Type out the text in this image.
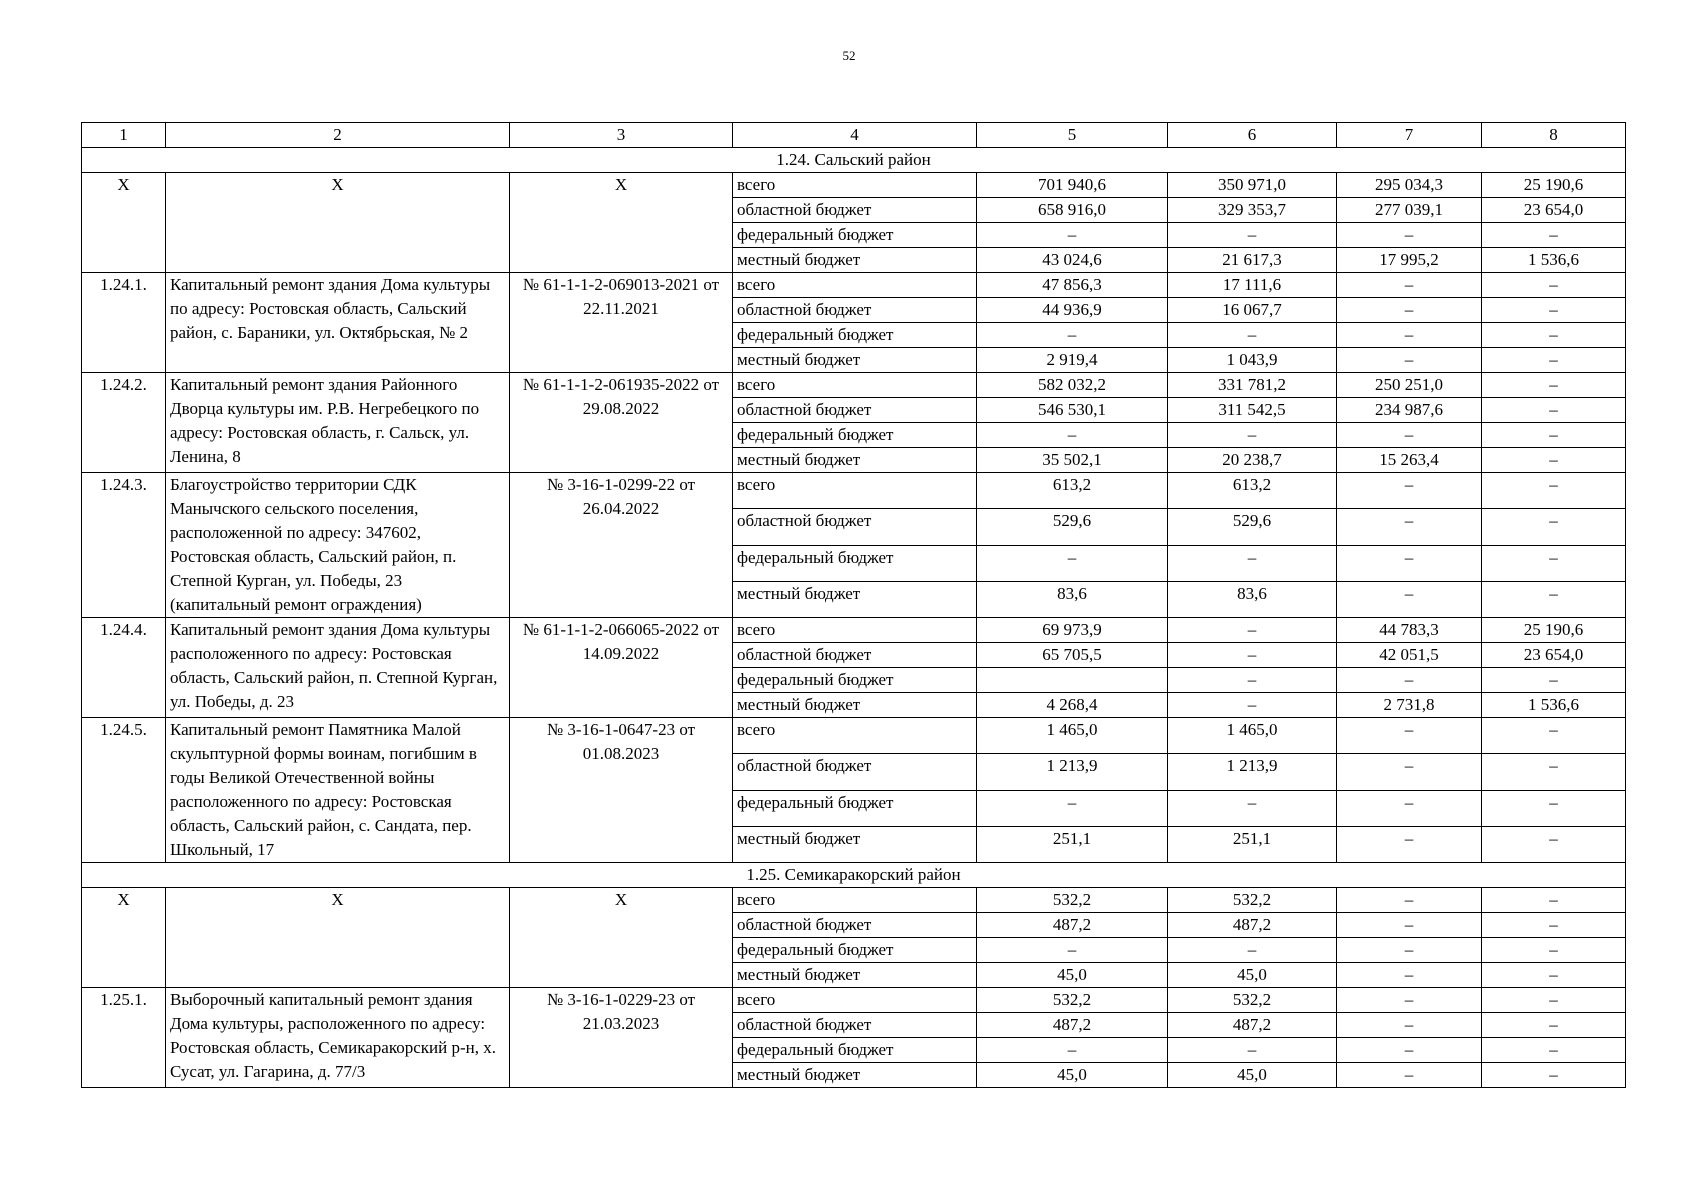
52
1	2	3	4	5	6	7	8
1.24. Сальский район							
Х	Х	Х	всего	701 940,6	350 971,0	295 034,3	25 190,6
			областной бюджет	658 916,0	329 353,7	277 039,1	23 654,0
			федеральный бюджет	–	–	–	–
			местный бюджет	43 024,6	21 617,3	17 995,2	1 536,6
1.24.1.	Капитальный ремонт здания Дома культуры по адресу: Ростовская область, Сальский район, с. Бараники, ул. Октябрьская, № 2	№ 61-1-1-2-069013-2021 от 22.11.2021	всего	47 856,3	17 111,6	–	–
			областной бюджет	44 936,9	16 067,7	–	–
			федеральный бюджет	–	–	–	–
			местный бюджет	2 919,4	1 043,9	–	–
1.24.2.	Капитальный ремонт здания Районного Дворца культуры им. Р.В. Негребецкого по адресу: Ростовская область, г. Сальск, ул. Ленина, 8	№ 61-1-1-2-061935-2022 от 29.08.2022	всего	582 032,2	331 781,2	250 251,0	–
			областной бюджет	546 530,1	311 542,5	234 987,6	–
			федеральный бюджет	–	–	–	–
			местный бюджет	35 502,1	20 238,7	15 263,4	–
1.24.3.	Благоустройство территории СДК Манычского сельского поселения, расположенной по адресу: 347602, Ростовская область, Сальский район, п. Степной Курган, ул. Победы, 23 (капитальный ремонт ограждения)	№ 3-16-1-0299-22 от 26.04.2022	всего	613,2	613,2	–	–
			областной бюджет	529,6	529,6	–	–
			федеральный бюджет	–	–	–	–
			местный бюджет	83,6	83,6	–	–
1.24.4.	Капитальный ремонт здания Дома культуры расположенного по адресу: Ростовская область, Сальский район, п. Степной Курган, ул. Победы, д. 23	№ 61-1-1-2-066065-2022 от 14.09.2022	всего	69 973,9	–	44 783,3	25 190,6
			областной бюджет	65 705,5	–	42 051,5	23 654,0
			федеральный бюджет		–	–	–
			местный бюджет	4 268,4	–	2 731,8	1 536,6
1.24.5.	Капитальный ремонт Памятника Малой скульптурной формы воинам, погибшим в годы Великой Отечественной войны расположенного по адресу: Ростовская область, Сальский район, с. Сандата, пер. Школьный, 17	№ 3-16-1-0647-23 от 01.08.2023	всего	1 465,0	1 465,0	–	–
			областной бюджет	1 213,9	1 213,9	–	–
			федеральный бюджет	–	–	–	–
			местный бюджет	251,1	251,1	–	–
1.25. Семикаракорский район							
Х	Х	Х	всего	532,2	532,2	–	–
			областной бюджет	487,2	487,2	–	–
			федеральный бюджет	–	–	–	–
			местный бюджет	45,0	45,0	–	–
1.25.1.	Выборочный капитальный ремонт здания Дома культуры, расположенного по адресу: Ростовская область, Семикаракорский р-н, х. Сусат, ул. Гагарина, д. 77/3	№ 3-16-1-0229-23 от 21.03.2023	всего	532,2	532,2	–	–
			областной бюджет	487,2	487,2	–	–
			федеральный бюджет	–	–	–	–
			местный бюджет	45,0	45,0	–	–
